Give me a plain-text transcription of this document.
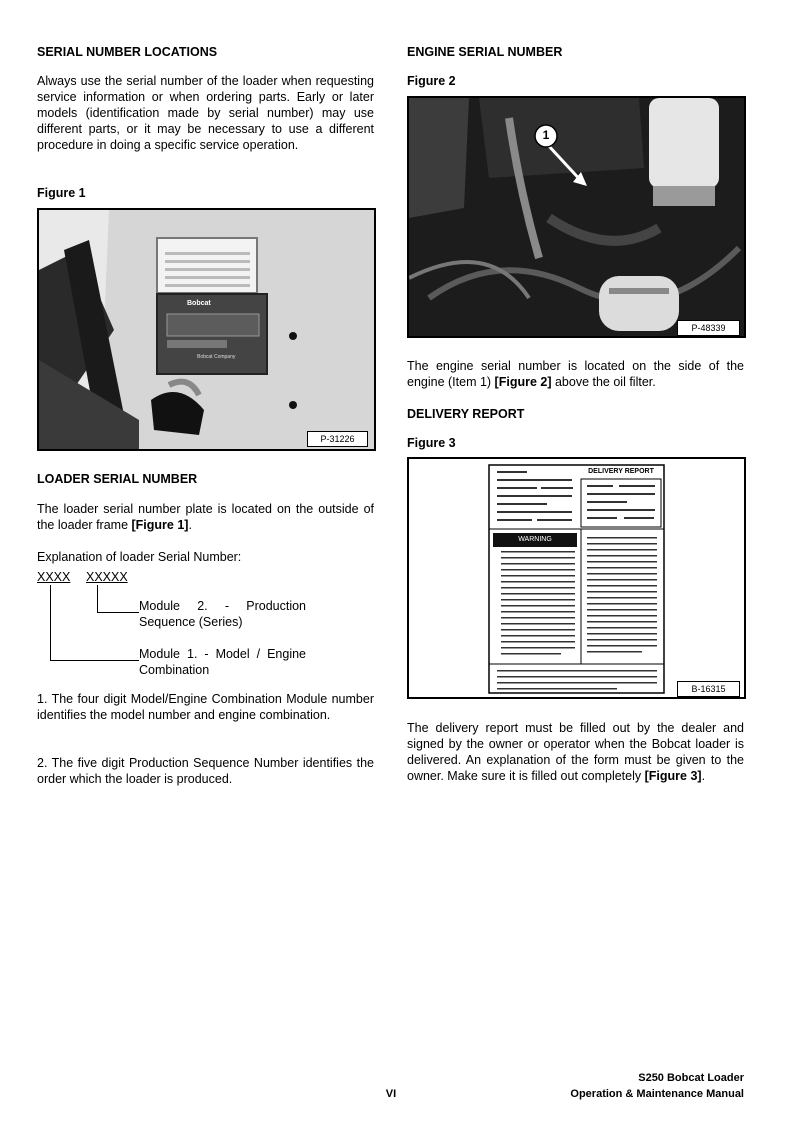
SERIAL NUMBER LOCATIONS
Always use the serial number of the loader when requesting service information or when ordering parts. Early or later models (identification made by serial number) may use different parts, or it may be necessary to use a different procedure in doing a specific service operation.
Figure 1
Bobcat
Bobcat Company
P-31226
LOADER SERIAL NUMBER
The loader serial number plate is located on the outside of the loader frame [Figure 1].
Explanation of loader Serial Number:
XXXX XXXXX
Module 2. - Production Sequence (Series)
Module 1. - Model / Engine Combination
1. The four digit Model/Engine Combination Module number identifies the model number and engine combination.
2. The five digit Production Sequence Number identifies the order which the loader is produced.
ENGINE SERIAL NUMBER
Figure 2
1
P-48339
The engine serial number is located on the side of the engine (Item 1) [Figure 2] above the oil filter.
DELIVERY REPORT
Figure 3
DELIVERY REPORT
WARNING
B-16315
The delivery report must be filled out by the dealer and signed by the owner or operator when the Bobcat loader is delivered. An explanation of the form must be given to the owner. Make sure it is filled out completely [Figure 3].
VI
S250 Bobcat Loader
Operation & Maintenance Manual
